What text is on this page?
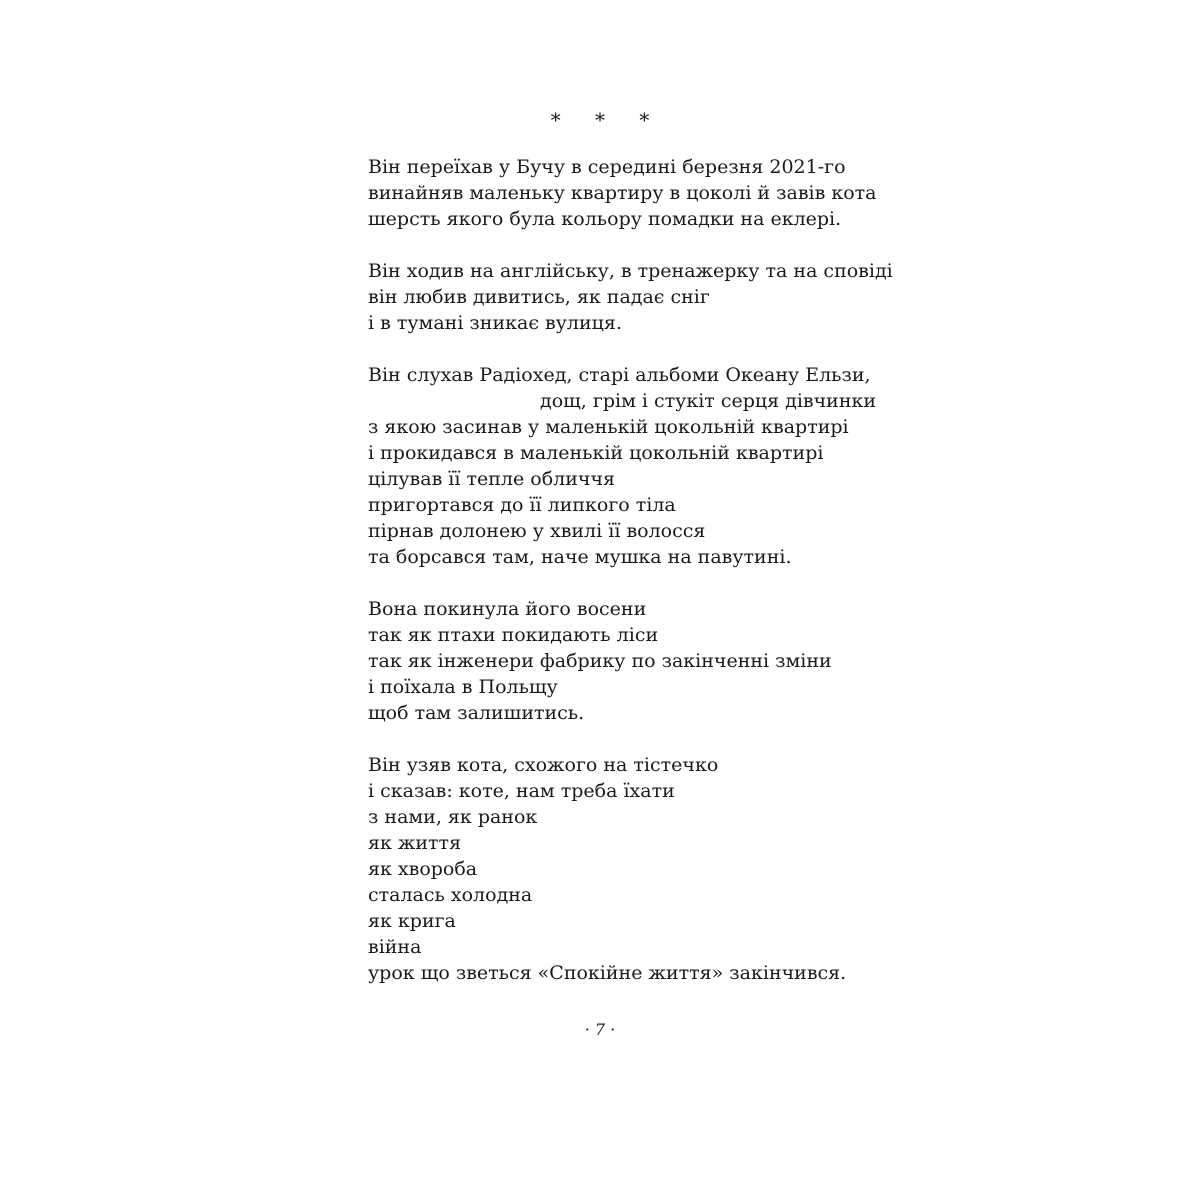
* * *
Він переїхав у Бучу в середині березня 2021-го
винайняв маленьку квартиру в цоколі й завів кота
шерсть якого була кольору помадки на еклері.
Він ходив на англійську, в тренажерку та на сповіді
він любив дивитись, як падає сніг
і в тумані зникає вулиця.
Він слухав Радіохед, старі альбоми Океану Ельзи,
дощ, грім і стукіт серця дівчинки
з якою засинав у маленькій цокольній квартирі
і прокидався в маленькій цокольній квартирі
цілував її тепле обличчя
пригортався до її липкого тіла
пірнав долонею у хвилі її волосся
та борсався там, наче мушка на павутині.
Вона покинула його восени
так як птахи покидають ліси
так як інженери фабрику по закінченні зміни
і поїхала в Польщу
щоб там залишитись.
Він узяв кота, схожого на тістечко
і сказав: коте, нам треба їхати
з нами, як ранок
як життя
як хвороба
сталась холодна
як крига
війна
урок що зветься «Спокійне життя» закінчився.
· 7 ·
